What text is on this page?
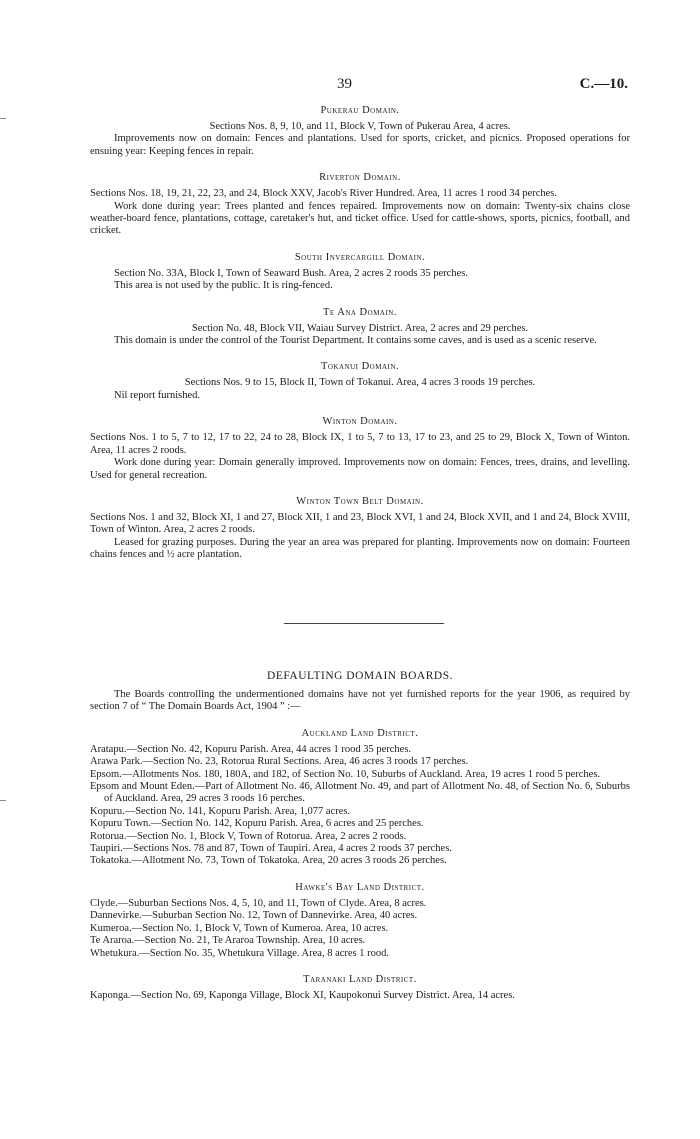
39	C.—10.
Pukerau Domain.

Sections Nos. 8, 9, 10, and 11, Block V, Town of Pukerau Area, 4 acres.

Improvements now on domain: Fences and plantations. Used for sports, cricket, and picnics. Proposed operations for ensuing year: Keeping fences in repair.

Riverton Domain.

Sections Nos. 18, 19, 21, 22, 23, and 24, Block XXV, Jacob's River Hundred. Area, 11 acres 1 rood 34 perches.

Work done during year: Trees planted and fences repaired. Improvements now on domain: Twenty-six chains close weather-board fence, plantations, cottage, caretaker's hut, and ticket office. Used for cattle-shows, sports, picnics, football, and cricket.

South Invercargill Domain.

Section No. 33A, Block I, Town of Seaward Bush. Area, 2 acres 2 roods 35 perches.

This area is not used by the public. It is ring-fenced.

Te Ana Domain.

Section No. 48, Block VII, Waiau Survey District. Area, 2 acres and 29 perches.

This domain is under the control of the Tourist Department. It contains some caves, and is used as a scenic reserve.

Tokanui Domain.

Sections Nos. 9 to 15, Block II, Town of Tokanui. Area, 4 acres 3 roods 19 perches.

Nil report furnished.

Winton Domain.

Sections Nos. 1 to 5, 7 to 12, 17 to 22, 24 to 28, Block IX, 1 to 5, 7 to 13, 17 to 23, and 25 to 29, Block X, Town of Winton. Area, 11 acres 2 roods.

Work done during year: Domain generally improved. Improvements now on domain: Fences, trees, drains, and levelling. Used for general recreation.

Winton Town Belt Domain.

Sections Nos. 1 and 32, Block XI, 1 and 27, Block XII, 1 and 23, Block XVI, 1 and 24, Block XVII, and 1 and 24, Block XVIII, Town of Winton. Area, 2 acres 2 roods.

Leased for grazing purposes. During the year an area was prepared for planting. Improvements now on domain: Fourteen chains fences and ½ acre plantation.

DEFAULTING DOMAIN BOARDS.

The Boards controlling the undermentioned domains have not yet furnished reports for the year 1906, as required by section 7 of “ The Domain Boards Act, 1904 ” :—

Auckland Land District.

Aratapu.—Section No. 42, Kopuru Parish. Area, 44 acres 1 rood 35 perches.

Arawa Park.—Section No. 23, Rotorua Rural Sections. Area, 46 acres 3 roods 17 perches.

Epsom.—Allotments Nos. 180, 180A, and 182, of Section No. 10, Suburbs of Auckland. Area, 19 acres 1 rood 5 perches.

Epsom and Mount Eden.—Part of Allotment No. 46, Allotment No. 49, and part of Allotment No. 48, of Section No. 6, Suburbs of Auckland. Area, 29 acres 3 roods 16 perches.

Kopuru.—Section No. 141, Kopuru Parish. Area, 1,077 acres.

Kopuru Town.—Section No. 142, Kopuru Parish. Area, 6 acres and 25 perches.

Rotorua.—Section No. 1, Block V, Town of Rotorua. Area, 2 acres 2 roods.

Taupiri.—Sections Nos. 78 and 87, Town of Taupiri. Area, 4 acres 2 roods 37 perches.

Tokatoka.—Allotment No. 73, Town of Tokatoka. Area, 20 acres 3 roods 26 perches.

Hawke's Bay Land District.

Clyde.—Suburban Sections Nos. 4, 5, 10, and 11, Town of Clyde. Area, 8 acres.

Dannevirke.—Suburban Section No. 12, Town of Dannevirke. Area, 40 acres.

Kumeroa.—Section No. 1, Block V, Town of Kumeroa. Area, 10 acres.

Te Araroa.—Section No. 21, Te Araroa Township. Area, 10 acres.

Whetukura.—Section No. 35, Whetukura Village. Area, 8 acres 1 rood.

Taranaki Land District.

Kaponga.—Section No. 69, Kaponga Village, Block XI, Kaupokonui Survey District. Area, 14 acres.
